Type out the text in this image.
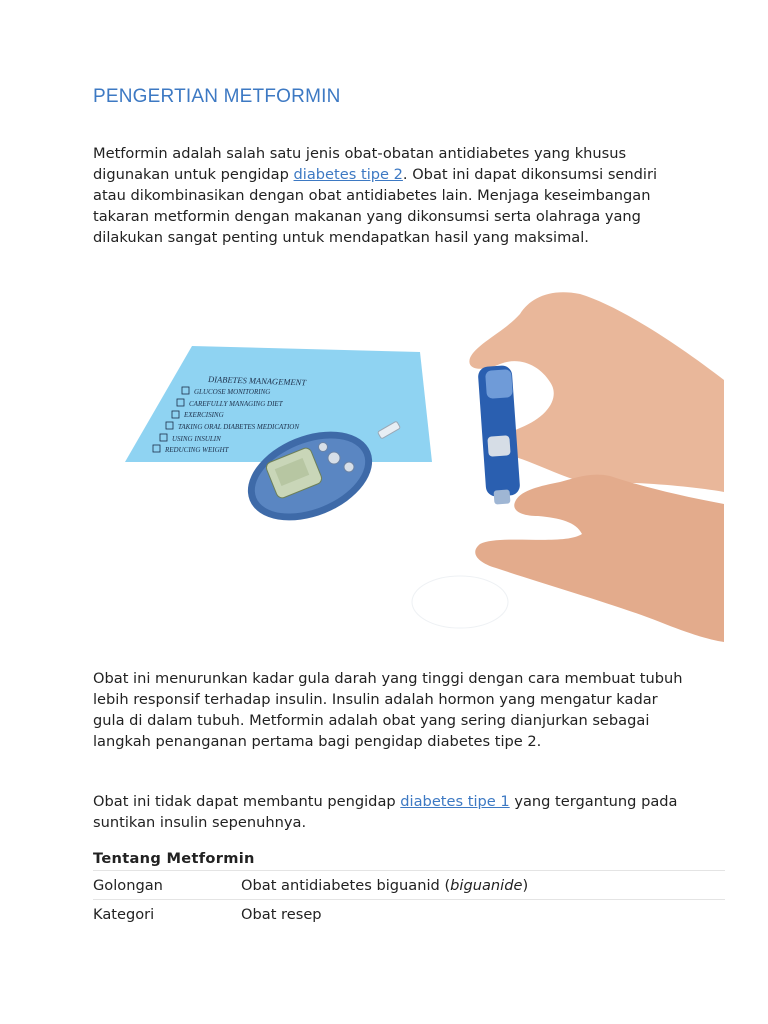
PENGERTIAN METFORMIN

Metformin adalah salah satu jenis obat-obatan antidiabetes yang khusus digunakan untuk pengidap diabetes tipe 2. Obat ini dapat dikonsumsi sendiri atau dikombinasikan dengan obat antidiabetes lain. Menjaga keseimbangan takaran metformin dengan makanan yang dikonsumsi serta olahraga yang dilakukan sangat penting untuk mendapatkan hasil yang maksimal.

Obat ini menurunkan kadar gula darah yang tinggi dengan cara membuat tubuh lebih responsif terhadap insulin. Insulin adalah hormon yang mengatur kadar gula di dalam tubuh. Metformin adalah obat yang sering dianjurkan sebagai langkah penanganan pertama bagi pengidap diabetes tipe 2.

Obat ini tidak dapat membantu pengidap diabetes tipe 1 yang tergantung pada suntikan insulin sepenuhnya.

Tentang Metformin
Golongan	Obat antidiabetes biguanid (biguanide)
Kategori	Obat resep
DIABETES MANAGEMENT
GLUCOSE MONITORING
CAREFULLY MANAGING DIET
EXERCISING
TAKING ORAL DIABETES MEDICATION
USING INSULIN
REDUCING WEIGHT
